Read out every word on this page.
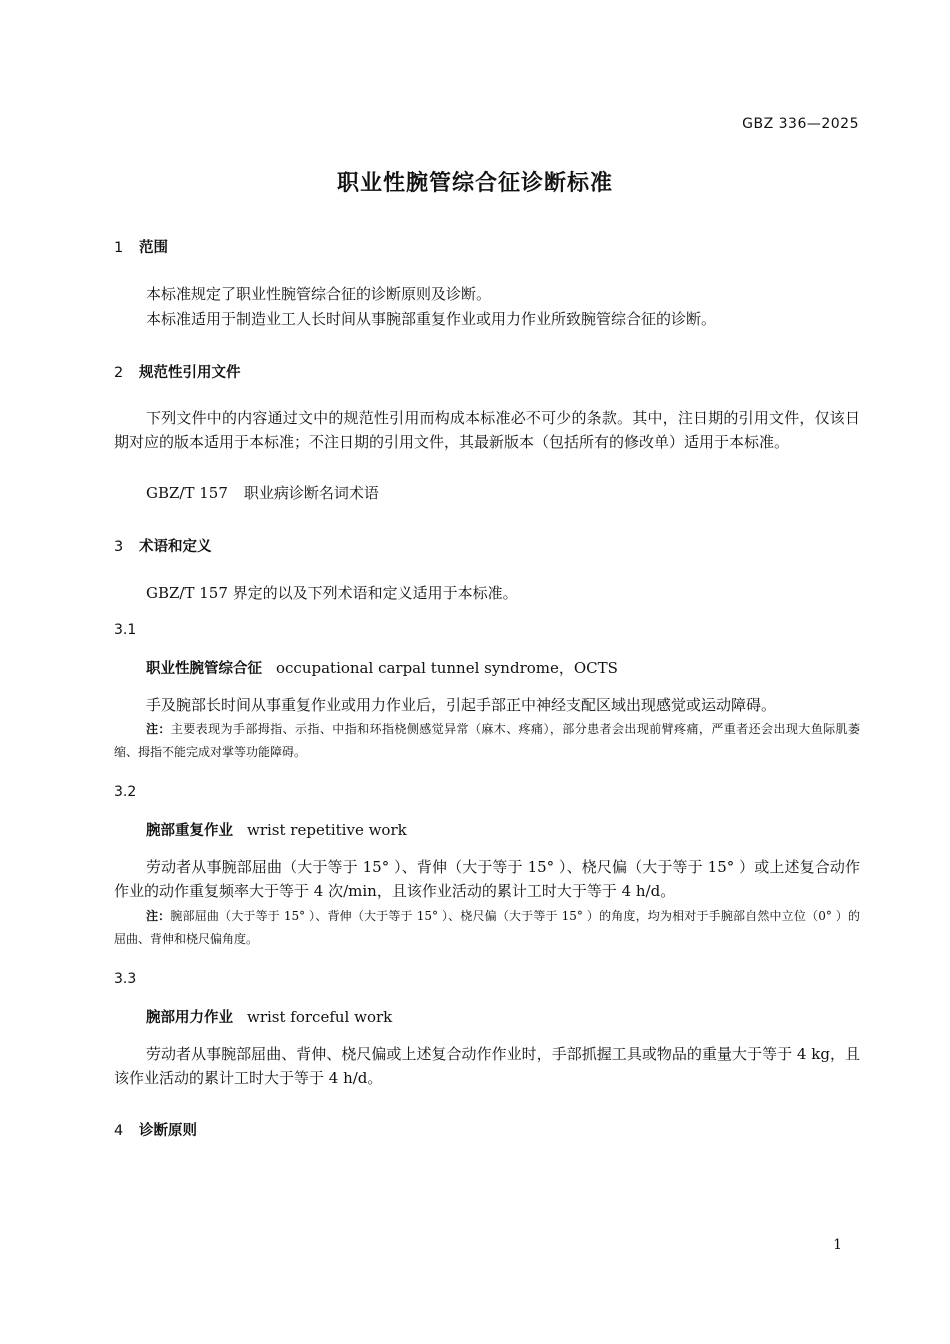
GBZ 336—2025
职业性腕管综合征诊断标准
1 范围
本标准规定了职业性腕管综合征的诊断原则及诊断。
本标准适用于制造业工人长时间从事腕部重复作业或用力作业所致腕管综合征的诊断。
2 规范性引用文件
下列文件中的内容通过文中的规范性引用而构成本标准必不可少的条款。其中，注日期的引用文件，仅该日期对应的版本适用于本标准；不注日期的引用文件，其最新版本（包括所有的修改单）适用于本标准。
GBZ/T 157 职业病诊断名词术语
3 术语和定义
GBZ/T 157 界定的以及下列术语和定义适用于本标准。
3.1
职业性腕管综合征 occupational carpal tunnel syndrome，OCTS
手及腕部长时间从事重复作业或用力作业后，引起手部正中神经支配区域出现感觉或运动障碍。
注：主要表现为手部拇指、示指、中指和环指桡侧感觉异常（麻木、疼痛），部分患者会出现前臂疼痛，严重者还会出现大鱼际肌萎缩、拇指不能完成对掌等功能障碍。
3.2
腕部重复作业 wrist repetitive work
劳动者从事腕部屈曲（大于等于 15° ）、背伸（大于等于 15° ）、桡尺偏（大于等于 15° ）或上述复合动作作业的动作重复频率大于等于 4 次/min，且该作业活动的累计工时大于等于 4 h/d。
注：腕部屈曲（大于等于 15° ）、背伸（大于等于 15° ）、桡尺偏（大于等于 15° ）的角度，均为相对于手腕部自然中立位（0° ）的屈曲、背伸和桡尺偏角度。
3.3
腕部用力作业 wrist forceful work
劳动者从事腕部屈曲、背伸、桡尺偏或上述复合动作作业时，手部抓握工具或物品的重量大于等于 4 kg，且该作业活动的累计工时大于等于 4 h/d。
4 诊断原则
1
